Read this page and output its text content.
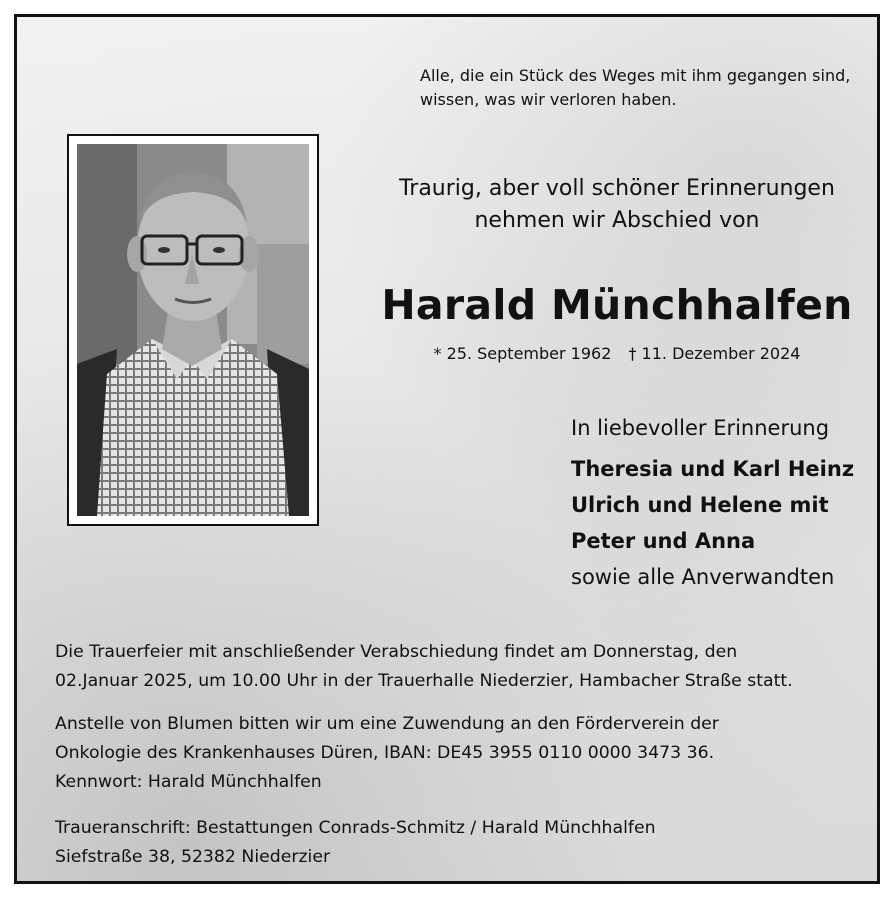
Alle, die ein Stück des Weges mit ihm gegangen sind,
wissen, was wir verloren haben.
Traurig, aber voll schöner Erinnerungen
nehmen wir Abschied von
Harald Münchhalfen
* 25. September 1962 † 11. Dezember 2024
In liebevoller Erinnerung
Theresia und Karl Heinz
Ulrich und Helene mit
Peter und Anna
sowie alle Anverwandten
Die Trauerfeier mit anschließender Verabschiedung findet am Donnerstag, den
02.Januar 2025, um 10.00 Uhr in der Trauerhalle Niederzier, Hambacher Straße statt.
Anstelle von Blumen bitten wir um eine Zuwendung an den Förderverein der
Onkologie des Krankenhauses Düren, IBAN: DE45 3955 0110 0000 3473 36.
Kennwort: Harald Münchhalfen
Traueranschrift: Bestattungen Conrads-Schmitz / Harald Münchhalfen
Siefstraße 38, 52382 Niederzier
